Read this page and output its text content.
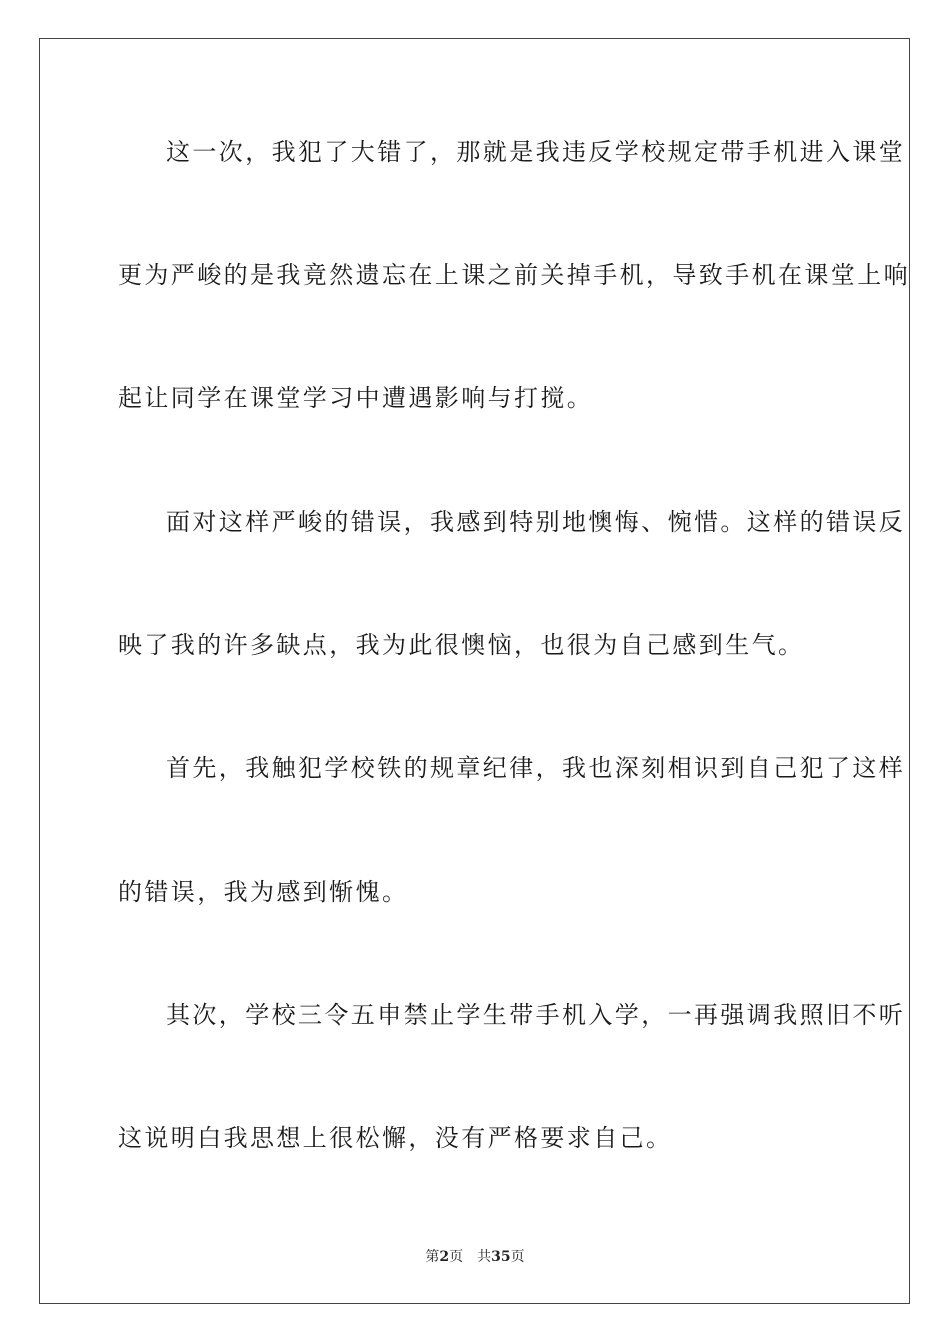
这一次，我犯了大错了，那就是我违反学校规定带手机进入课堂
更为严峻的是我竟然遗忘在上课之前关掉手机，导致手机在课堂上响
起让同学在课堂学习中遭遇影响与打搅。
面对这样严峻的错误，我感到特别地懊悔、惋惜。这样的错误反
映了我的许多缺点，我为此很懊恼，也很为自己感到生气。
首先，我触犯学校铁的规章纪律，我也深刻相识到自己犯了这样
的错误，我为感到惭愧。
其次，学校三令五申禁止学生带手机入学，一再强调我照旧不听
这说明白我思想上很松懈，没有严格要求自己。
第2页 共35页
